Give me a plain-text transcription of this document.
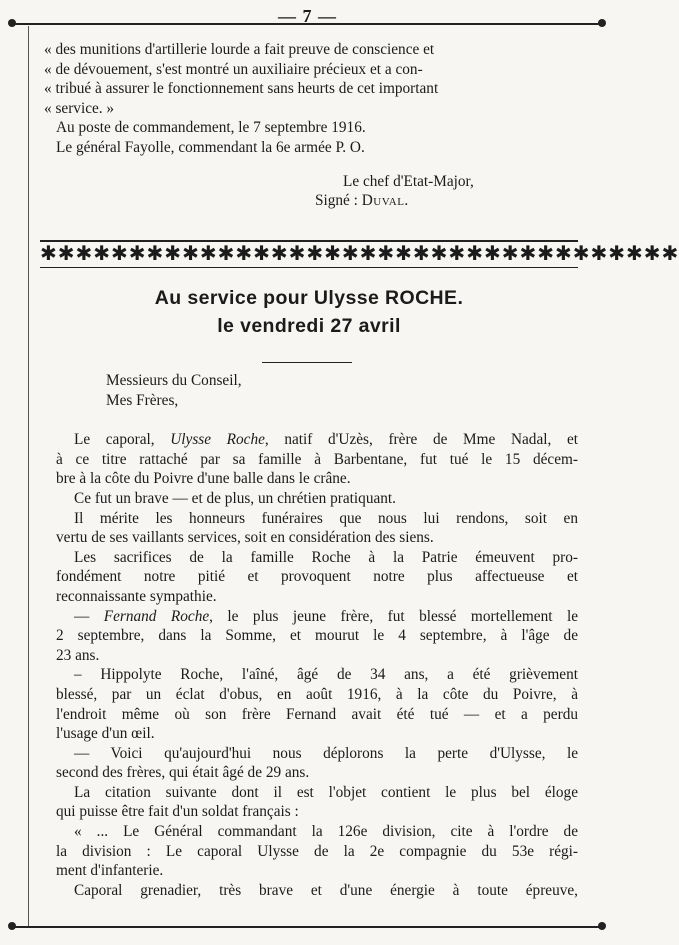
— 7 —
« des munitions d'artillerie lourde a fait preuve de conscience et
« de dévouement, s'est montré un auxiliaire précieux et a con-
« tribué à assurer le fonctionnement sans heurts de cet important
« service. »
Au poste de commandement, le 7 septembre 1916.
Le général Fayolle, commendant la 6e armée P. O.
Le chef d'Etat-Major,
Signé : Duval.
✱✱✱✱✱✱✱✱✱✱✱✱✱✱✱✱✱✱✱✱✱✱✱✱✱✱✱✱✱✱✱✱✱✱✱✱
Au service pour Ulysse ROCHE.
le vendredi 27 avril
Messieurs du Conseil,
Mes Frères,
Le caporal, Ulysse Roche, natif d'Uzès, frère de Mme Nadal, et
à ce titre rattaché par sa famille à Barbentane, fut tué le 15 décem-
bre à la côte du Poivre d'une balle dans le crâne.
Ce fut un brave — et de plus, un chrétien pratiquant.
Il mérite les honneurs funéraires que nous lui rendons, soit en
vertu de ses vaillants services, soit en considération des siens.
Les sacrifices de la famille Roche à la Patrie émeuvent pro-
fondément notre pitié et provoquent notre plus affectueuse et
reconnaissante sympathie.
— Fernand Roche, le plus jeune frère, fut blessé mortellement le
2 septembre, dans la Somme, et mourut le 4 septembre, à l'âge de
23 ans.
– Hippolyte Roche, l'aîné, âgé de 34 ans, a été grièvement
blessé, par un éclat d'obus, en août 1916, à la côte du Poivre, à
l'endroit même où son frère Fernand avait été tué — et a perdu
l'usage d'un œil.
— Voici qu'aujourd'hui nous déplorons la perte d'Ulysse, le
second des frères, qui était âgé de 29 ans.
La citation suivante dont il est l'objet contient le plus bel éloge
qui puisse être fait d'un soldat français :
« ... Le Général commandant la 126e division, cite à l'ordre de
la division : Le caporal Ulysse de la 2e compagnie du 53e régi-
ment d'infanterie.
Caporal grenadier, très brave et d'une énergie à toute épreuve,
